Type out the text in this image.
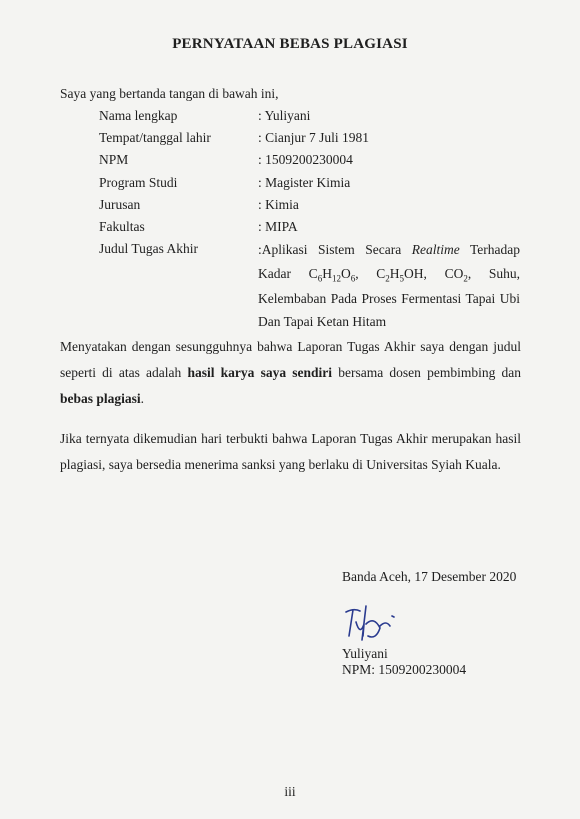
PERNYATAAN BEBAS PLAGIASI
Saya yang bertanda tangan di bawah ini,
Nama lengkap	: Yuliyani
Tempat/tanggal lahir	: Cianjur 7 Juli 1981
NPM	: 1509200230004
Program Studi	: Magister Kimia
Jurusan	: Kimia
Fakultas	: MIPA
Judul Tugas Akhir	:Aplikasi Sistem Secara Realtime Terhadap
Kadar $C_6H_{12}O_6$, $C_2H_5OH$, $CO_2$, Suhu,
Kelembaban Pada Proses Fermentasi Tapai Ubi
Dan Tapai Ketan Hitam
Menyatakan dengan sesungguhnya bahwa Laporan Tugas Akhir saya dengan judul seperti di atas adalah hasil karya saya sendiri bersama dosen pembimbing dan bebas plagiasi.
Jika ternyata dikemudian hari terbukti bahwa Laporan Tugas Akhir merupakan hasil plagiasi, saya bersedia menerima sanksi yang berlaku di Universitas Syiah Kuala.
Banda Aceh, 17 Desember 2020
Yuliyani
NPM: 1509200230004
iii
